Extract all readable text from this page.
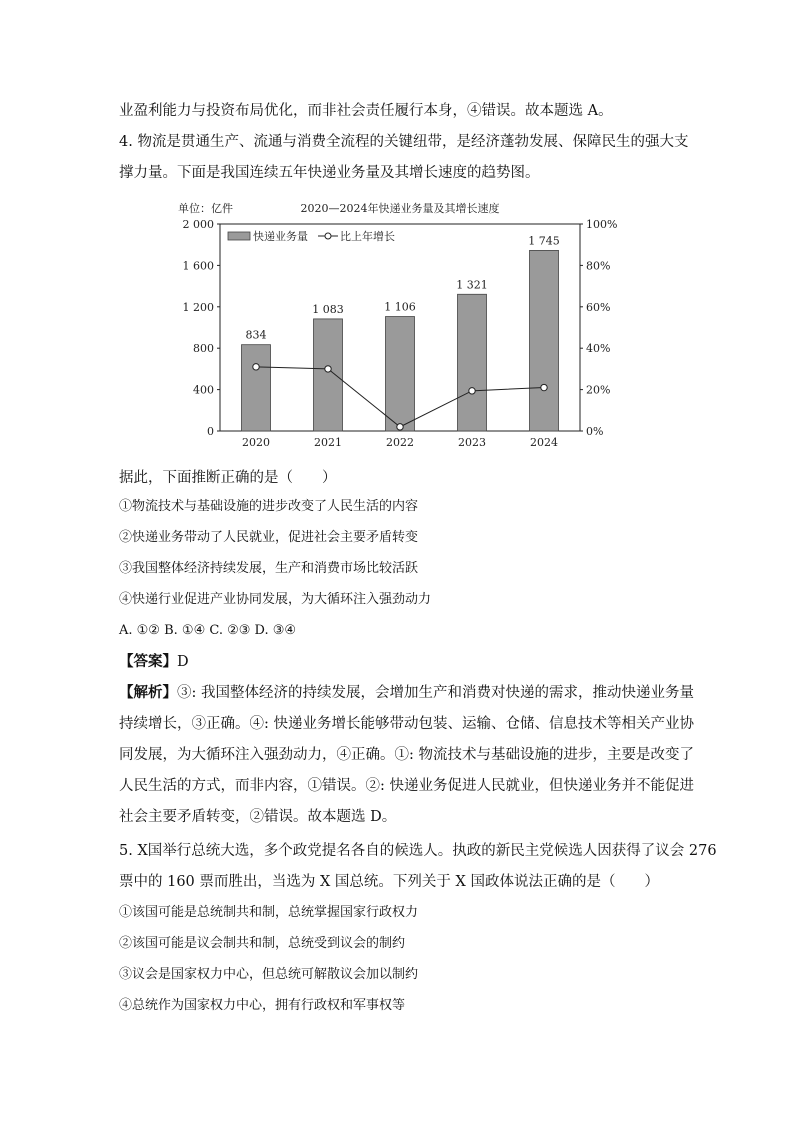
业盈利能力与投资布局优化，而非社会责任履行本身，④错误。故本题选 A。
4. 物流是贯通生产、流通与消费全流程的关键纽带，是经济蓬勃发展、保障民生的强大支
撑力量。下面是我国连续五年快递业务量及其增长速度的趋势图。
单位：亿件	2020—2024年快递业务量及其增长速度
0
400
800
1 200
1 600
2 000
0%
20%
40%
60%
80%
100%
834
2020
1 083
2021
1 106
2022
1 321
2023
1 745
2024
快递业务量	比上年增长
据此，下面推断正确的是（　　）
①物流技术与基础设施的进步改变了人民生活的内容
②快递业务带动了人民就业，促进社会主要矛盾转变
③我国整体经济持续发展，生产和消费市场比较活跃
④快递行业促进产业协同发展，为大循环注入强劲动力
A. ①② B. ①④ C. ②③ D. ③④
【答案】D
【解析】③: 我国整体经济的持续发展，会增加生产和消费对快递的需求，推动快递业务量
持续增长，③正确。④: 快递业务增长能够带动包装、运输、仓储、信息技术等相关产业协
同发展，为大循环注入强劲动力，④正确。①: 物流技术与基础设施的进步，主要是改变了
人民生活的方式，而非内容，①错误。②: 快递业务促进人民就业，但快递业务并不能促进
社会主要矛盾转变，②错误。故本题选 D。
5. X国举行总统大选，多个政党提名各自的候选人。执政的新民主党候选人因获得了议会 276
票中的 160 票而胜出，当选为 X 国总统。下列关于 X 国政体说法正确的是（　　）
①该国可能是总统制共和制，总统掌握国家行政权力
②该国可能是议会制共和制，总统受到议会的制约
③议会是国家权力中心，但总统可解散议会加以制约
④总统作为国家权力中心，拥有行政权和军事权等
